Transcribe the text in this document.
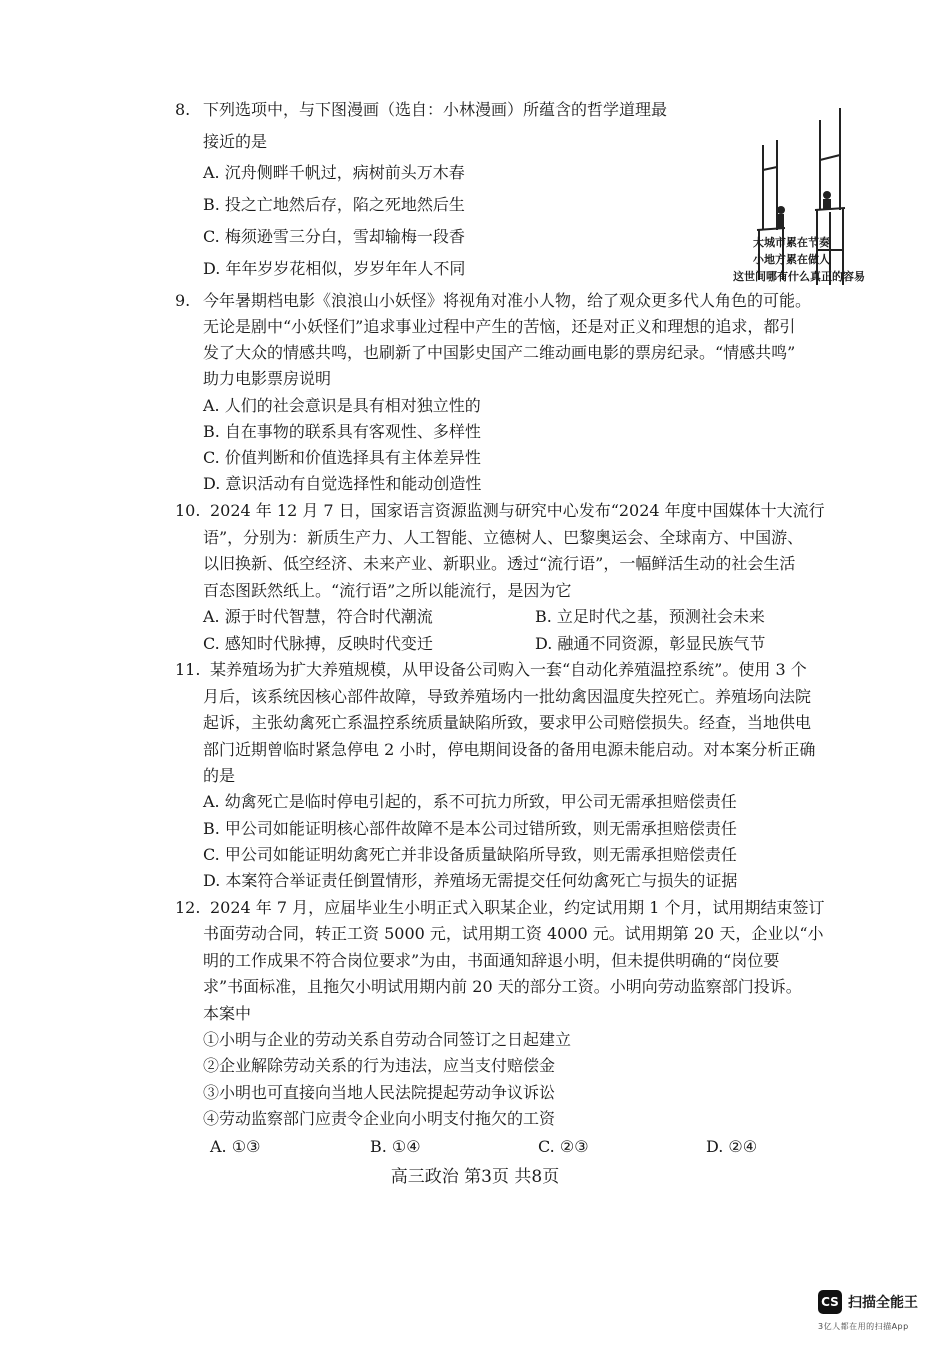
8. 下列选项中，与下图漫画（选自：小林漫画）所蕴含的哲学道理最
接近的是
A. 沉舟侧畔千帆过，病树前头万木春
B. 投之亡地然后存，陷之死地然后生
C. 梅须逊雪三分白，雪却输梅一段香
D. 年年岁岁花相似，岁岁年年人不同
大城市累在节奏
小地方累在做人
这世间哪有什么真正的容易
9. 今年暑期档电影《浪浪山小妖怪》将视角对准小人物，给了观众更多代人角色的可能。
无论是剧中“小妖怪们”追求事业过程中产生的苦恼，还是对正义和理想的追求，都引
发了大众的情感共鸣，也刷新了中国影史国产二维动画电影的票房纪录。“情感共鸣”
助力电影票房说明
A. 人们的社会意识是具有相对独立性的
B. 自在事物的联系具有客观性、多样性
C. 价值判断和价值选择具有主体差异性
D. 意识活动有自觉选择性和能动创造性
10. 2024 年 12 月 7 日，国家语言资源监测与研究中心发布“2024 年度中国媒体十大流行
语”，分别为：新质生产力、人工智能、立德树人、巴黎奥运会、全球南方、中国游、
以旧换新、低空经济、未来产业、新职业。透过“流行语”，一幅鲜活生动的社会生活
百态图跃然纸上。“流行语”之所以能流行，是因为它
A. 源于时代智慧，符合时代潮流	B. 立足时代之基，预测社会未来
C. 感知时代脉搏，反映时代变迁	D. 融通不同资源，彰显民族气节
11. 某养殖场为扩大养殖规模，从甲设备公司购入一套“自动化养殖温控系统”。使用 3 个
月后，该系统因核心部件故障，导致养殖场内一批幼禽因温度失控死亡。养殖场向法院
起诉，主张幼禽死亡系温控系统质量缺陷所致，要求甲公司赔偿损失。经查，当地供电
部门近期曾临时紧急停电 2 小时，停电期间设备的备用电源未能启动。对本案分析正确
的是
A. 幼禽死亡是临时停电引起的，系不可抗力所致，甲公司无需承担赔偿责任
B. 甲公司如能证明核心部件故障不是本公司过错所致，则无需承担赔偿责任
C. 甲公司如能证明幼禽死亡并非设备质量缺陷所导致，则无需承担赔偿责任
D. 本案符合举证责任倒置情形，养殖场无需提交任何幼禽死亡与损失的证据
12. 2024 年 7 月，应届毕业生小明正式入职某企业，约定试用期 1 个月，试用期结束签订
书面劳动合同，转正工资 5000 元，试用期工资 4000 元。试用期第 20 天，企业以“小
明的工作成果不符合岗位要求”为由，书面通知辞退小明，但未提供明确的“岗位要
求”书面标准，且拖欠小明试用期内前 20 天的部分工资。小明向劳动监察部门投诉。
本案中
①小明与企业的劳动关系自劳动合同签订之日起建立
②企业解除劳动关系的行为违法，应当支付赔偿金
③小明也可直接向当地人民法院提起劳动争议诉讼
④劳动监察部门应责令企业向小明支付拖欠的工资
A. ①③	B. ①④	C. ②③	D. ②④
高三政治 第3页 共8页
CS 扫描全能王
3亿人都在用的扫描App
